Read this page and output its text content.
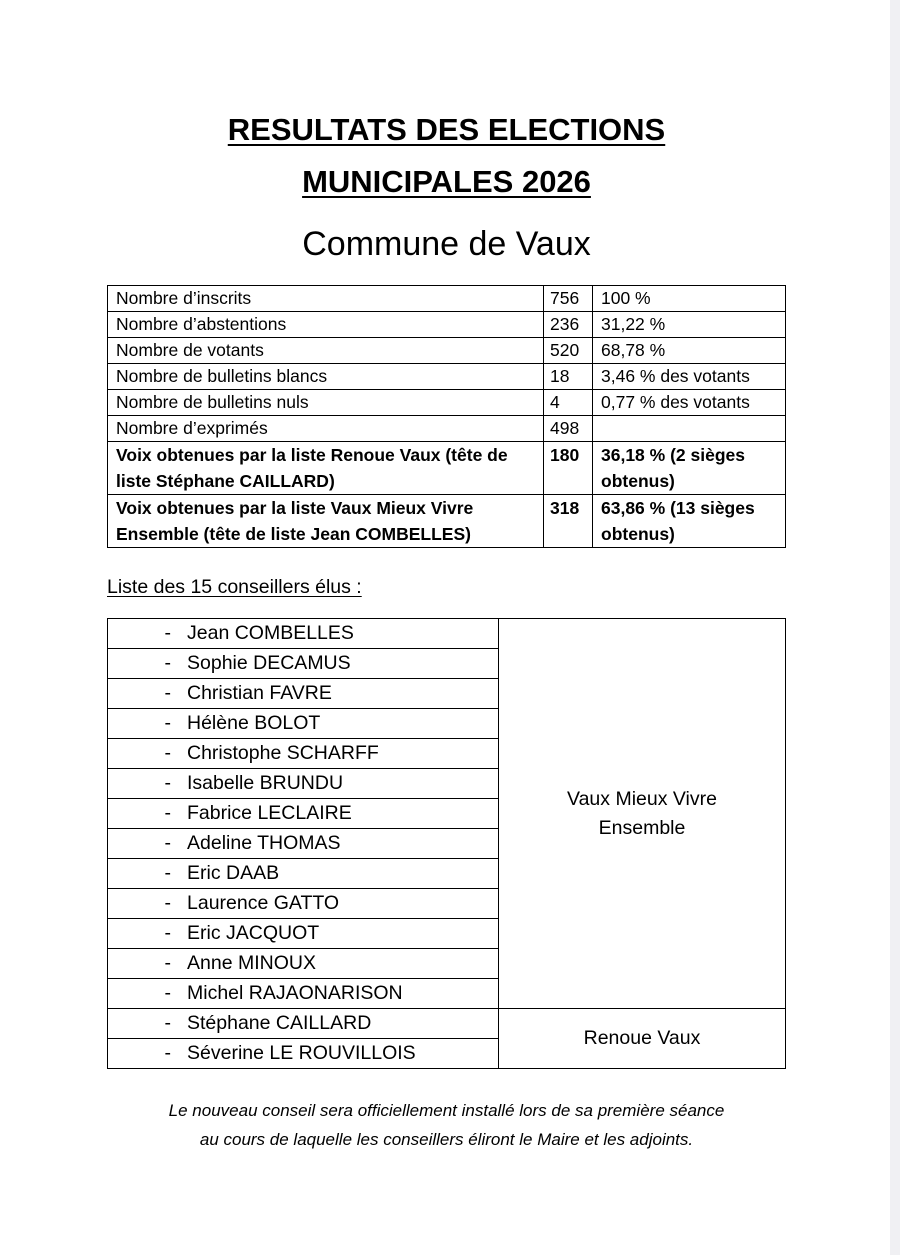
RESULTATS DES ELECTIONS
MUNICIPALES 2026
Commune de Vaux
Nombre d’inscrits	756	100 %
Nombre d’abstentions	236	31,22 %
Nombre de votants	520	68,78 %
Nombre de bulletins blancs	18	3,46 % des votants
Nombre de bulletins nuls	4	0,77 % des votants
Nombre d’exprimés	498	
Voix obtenues par la liste Renoue Vaux (tête de liste Stéphane CAILLARD)	180	36,18 % (2 sièges obtenus)
Voix obtenues par la liste Vaux Mieux Vivre Ensemble (tête de liste Jean COMBELLES)	318	63,86 % (13 sièges obtenus)
Liste des 15 conseillers élus :
- Jean COMBELLES	Vaux Mieux Vivre Ensemble
- Sophie DECAMUS	
- Christian FAVRE	
- Hélène BOLOT	
- Christophe SCHARFF	
- Isabelle BRUNDU	
- Fabrice LECLAIRE	
- Adeline THOMAS	
- Eric DAAB	
- Laurence GATTO	
- Eric JACQUOT	
- Anne MINOUX	
- Michel RAJAONARISON	
- Stéphane CAILLARD	Renoue Vaux
- Séverine LE ROUVILLOIS	
Le nouveau conseil sera officiellement installé lors de sa première séance
au cours de laquelle les conseillers éliront le Maire et les adjoints.
